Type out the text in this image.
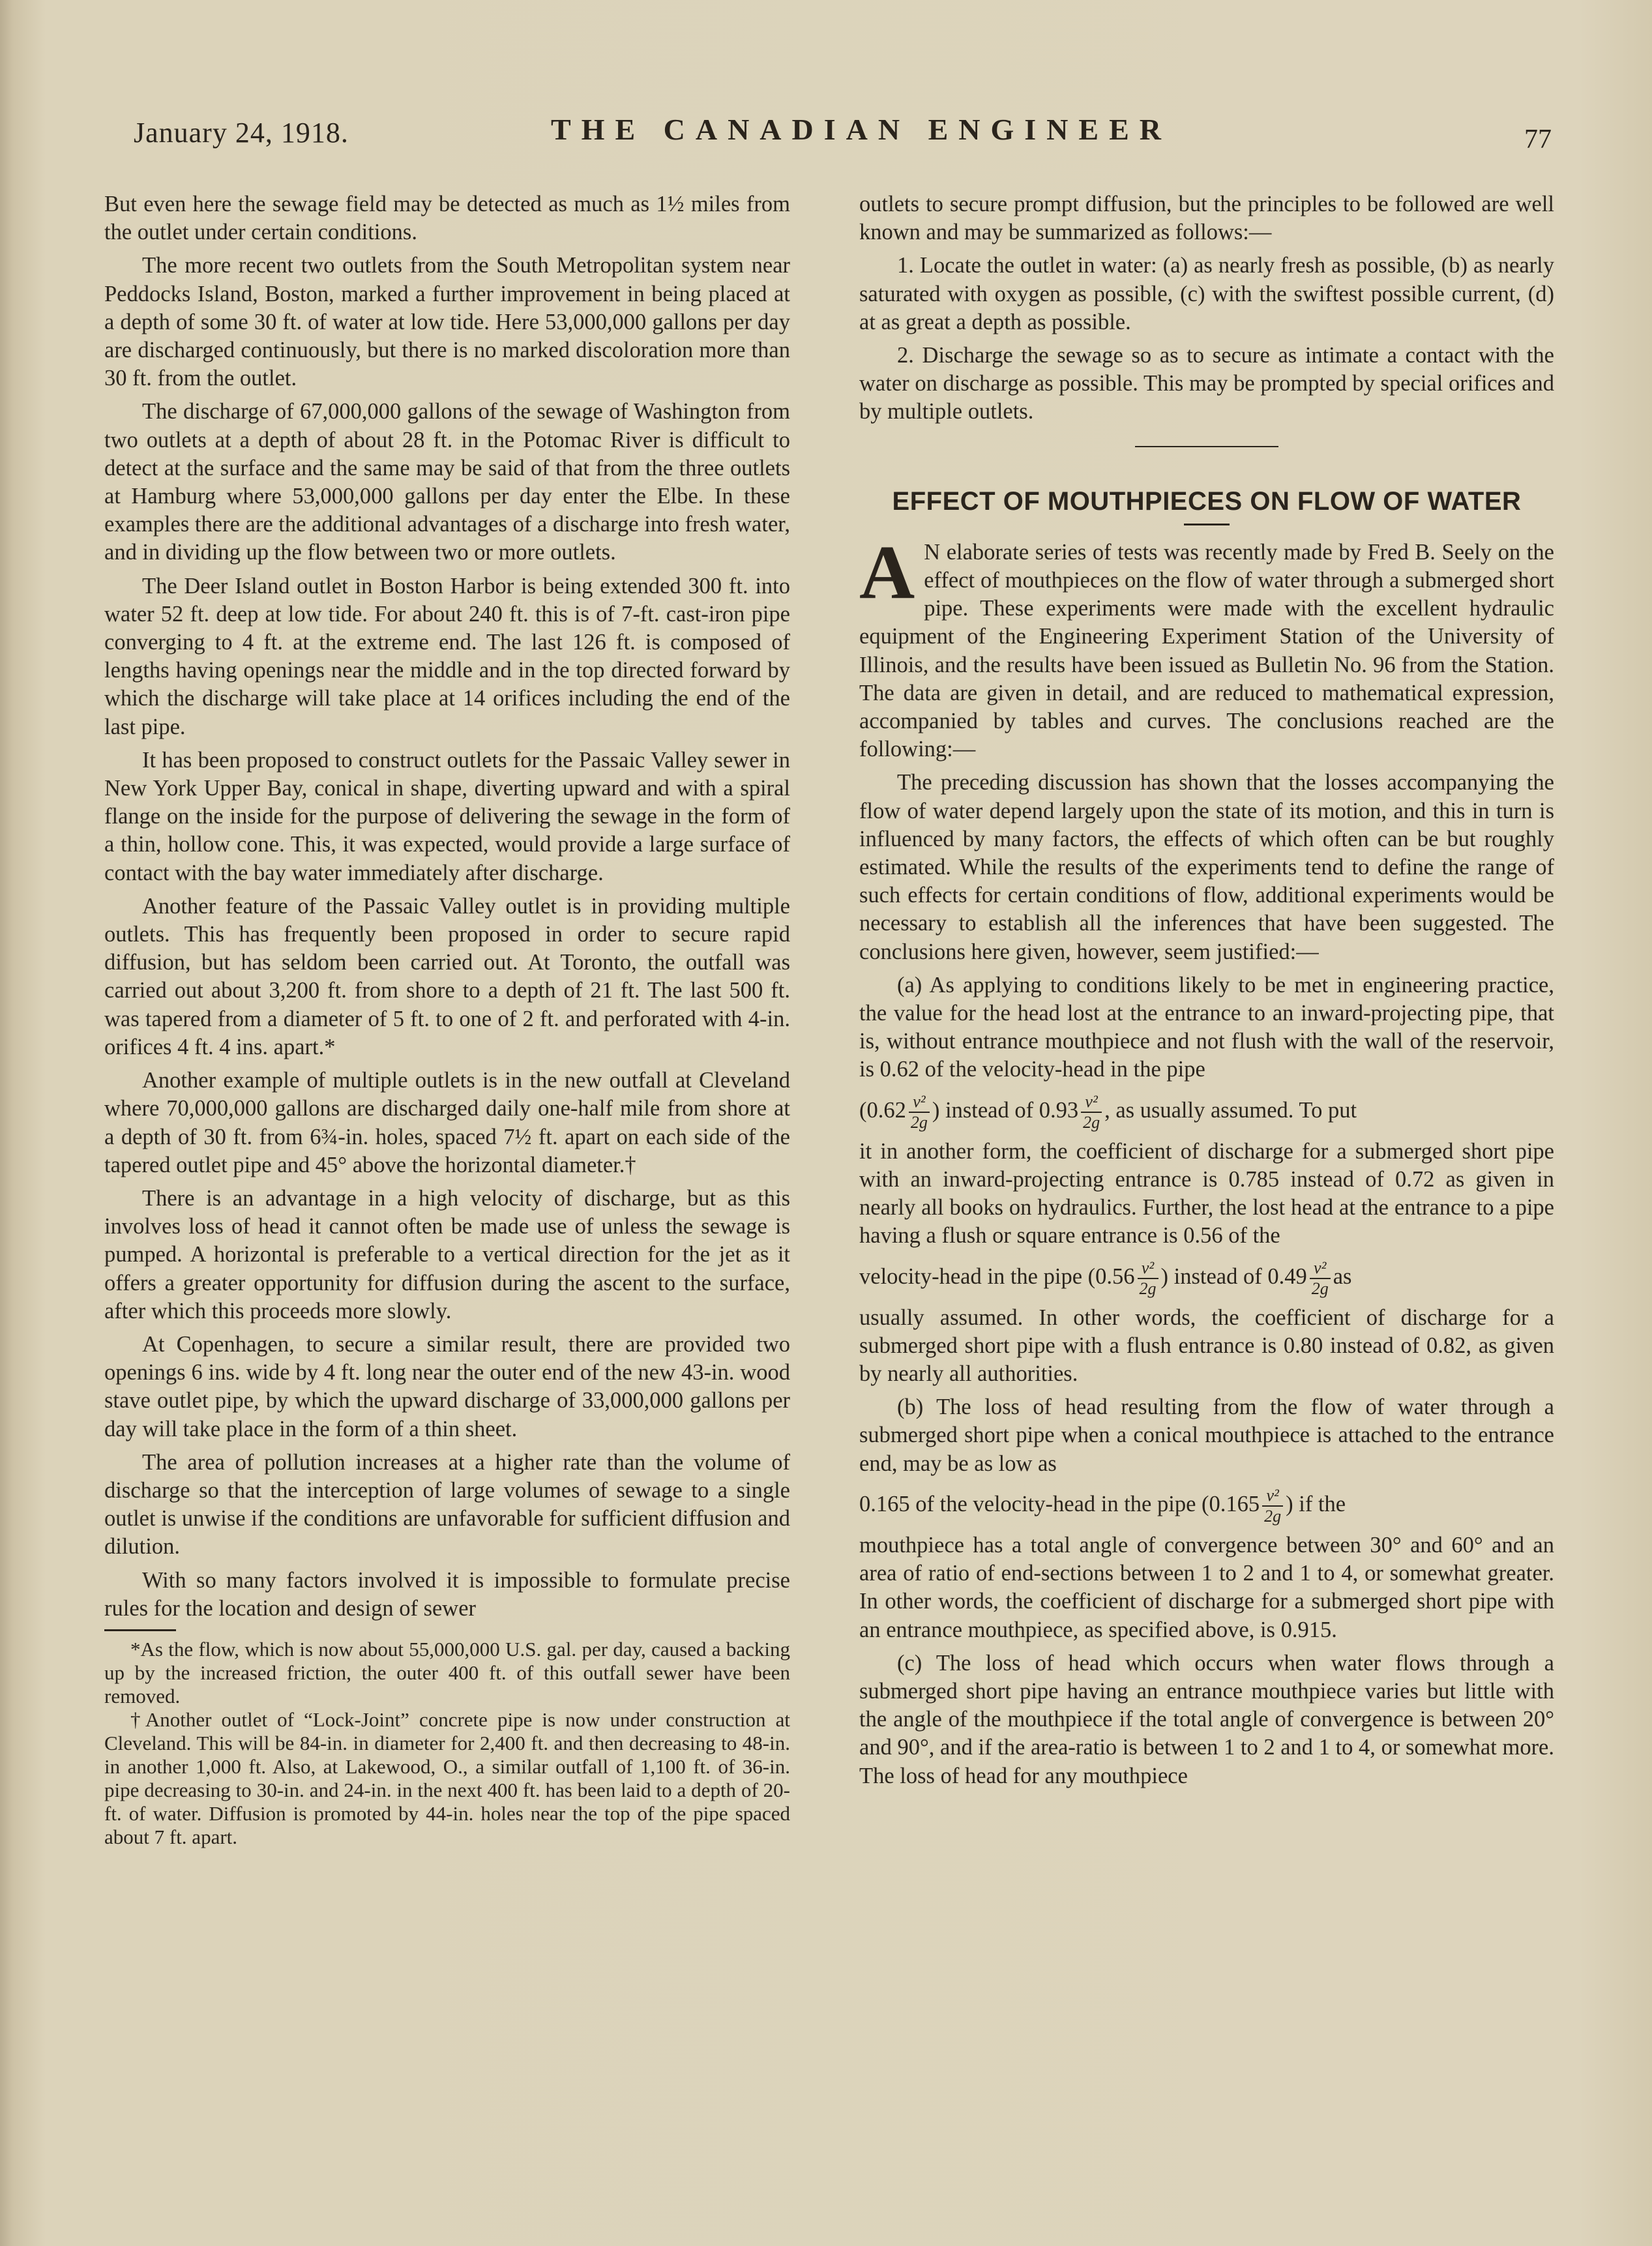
January 24, 1918.	THE CANADIAN ENGINEER	77

But even here the sewage field may be detected as much as 1½ miles from the outlet under certain conditions.

The more recent two outlets from the South Metropolitan system near Peddocks Island, Boston, marked a further improvement in being placed at a depth of some 30 ft. of water at low tide. Here 53,000,000 gallons per day are discharged continuously, but there is no marked discoloration more than 30 ft. from the outlet.

The discharge of 67,000,000 gallons of the sewage of Washington from two outlets at a depth of about 28 ft. in the Potomac River is difficult to detect at the surface and the same may be said of that from the three outlets at Hamburg where 53,000,000 gallons per day enter the Elbe. In these examples there are the additional advantages of a discharge into fresh water, and in dividing up the flow between two or more outlets.

The Deer Island outlet in Boston Harbor is being extended 300 ft. into water 52 ft. deep at low tide. For about 240 ft. this is of 7-ft. cast-iron pipe converging to 4 ft. at the extreme end. The last 126 ft. is composed of lengths having openings near the middle and in the top directed forward by which the discharge will take place at 14 orifices including the end of the last pipe.

It has been proposed to construct outlets for the Passaic Valley sewer in New York Upper Bay, conical in shape, diverting upward and with a spiral flange on the inside for the purpose of delivering the sewage in the form of a thin, hollow cone. This, it was expected, would provide a large surface of contact with the bay water immediately after discharge.

Another feature of the Passaic Valley outlet is in providing multiple outlets. This has frequently been proposed in order to secure rapid diffusion, but has seldom been carried out. At Toronto, the outfall was carried out about 3,200 ft. from shore to a depth of 21 ft. The last 500 ft. was tapered from a diameter of 5 ft. to one of 2 ft. and perforated with 4-in. orifices 4 ft. 4 ins. apart.*

Another example of multiple outlets is in the new outfall at Cleveland where 70,000,000 gallons are discharged daily one-half mile from shore at a depth of 30 ft. from 6¾-in. holes, spaced 7½ ft. apart on each side of the tapered outlet pipe and 45° above the horizontal diameter.†

There is an advantage in a high velocity of discharge, but as this involves loss of head it cannot often be made use of unless the sewage is pumped. A horizontal is preferable to a vertical direction for the jet as it offers a greater opportunity for diffusion during the ascent to the surface, after which this proceeds more slowly.

At Copenhagen, to secure a similar result, there are provided two openings 6 ins. wide by 4 ft. long near the outer end of the new 43-in. wood stave outlet pipe, by which the upward discharge of 33,000,000 gallons per day will take place in the form of a thin sheet.

The area of pollution increases at a higher rate than the volume of discharge so that the interception of large volumes of sewage to a single outlet is unwise if the conditions are unfavorable for sufficient diffusion and dilution.

With so many factors involved it is impossible to formulate precise rules for the location and design of sewer

*As the flow, which is now about 55,000,000 U.S. gal. per day, caused a backing up by the increased friction, the outer 400 ft. of this outfall sewer have been removed.

†Another outlet of “Lock-Joint” concrete pipe is now under construction at Cleveland. This will be 84-in. in diameter for 2,400 ft. and then decreasing to 48-in. in another 1,000 ft. Also, at Lakewood, O., a similar outfall of 1,100 ft. of 36-in. pipe decreasing to 30-in. and 24-in. in the next 400 ft. has been laid to a depth of 20-ft. of water. Diffusion is promoted by 44-in. holes near the top of the pipe spaced about 7 ft. apart.

outlets to secure prompt diffusion, but the principles to be followed are well known and may be summarized as follows:—

1. Locate the outlet in water: (a) as nearly fresh as possible, (b) as nearly saturated with oxygen as possible, (c) with the swiftest possible current, (d) at as great a depth as possible.

2. Discharge the sewage so as to secure as intimate a contact with the water on discharge as possible. This may be prompted by special orifices and by multiple outlets.

EFFECT OF MOUTHPIECES ON FLOW OF WATER

A N elaborate series of tests was recently made by Fred B. Seely on the effect of mouthpieces on the flow of water through a submerged short pipe. These experiments were made with the excellent hydraulic equipment of the Engineering Experiment Station of the University of Illinois, and the results have been issued as Bulletin No. 96 from the Station. The data are given in detail, and are reduced to mathematical expression, accompanied by tables and curves. The conclusions reached are the following:—

The preceding discussion has shown that the losses accompanying the flow of water depend largely upon the state of its motion, and this in turn is influenced by many factors, the effects of which often can be but roughly estimated. While the results of the experiments tend to define the range of such effects for certain conditions of flow, additional experiments would be necessary to establish all the inferences that have been suggested. The conclusions here given, however, seem justified:—

(a) As applying to conditions likely to be met in engineering practice, the value for the head lost at the entrance to an inward-projecting pipe, that is, without entrance mouthpiece and not flush with the wall of the reservoir, is 0.62 of the velocity-head in the pipe

($0.62 \frac{\text{v²}}{2g}$ ) instead of $0.93 \frac{\text{v²}}{2g}$ , as usually assumed. To put

it in another form, the coefficient of discharge for a submerged short pipe with an inward-projecting entrance is 0.785 instead of 0.72 as given in nearly all books on hydraulics. Further, the lost head at the entrance to a pipe having a flush or square entrance is 0.56 of the

velocity-head in the pipe ($0.56 \frac{\text{v²}}{2g}$ ) instead of $0.49 \frac{\text{v²}}{2g}$ as

usually assumed. In other words, the coefficient of discharge for a submerged short pipe with a flush entrance is 0.80 instead of 0.82, as given by nearly all authorities.

(b) The loss of head resulting from the flow of water through a submerged short pipe when a conical mouthpiece is attached to the entrance end, may be as low as

0.165 of the velocity-head in the pipe ($0.165 \frac{\text{v²}}{2g}$ ) if the

mouthpiece has a total angle of convergence between 30° and 60° and an area of ratio of end-sections between 1 to 2 and 1 to 4, or somewhat greater. In other words, the coefficient of discharge for a submerged short pipe with an entrance mouthpiece, as specified above, is 0.915.

(c) The loss of head which occurs when water flows through a submerged short pipe having an entrance mouthpiece varies but little with the angle of the mouthpiece if the total angle of convergence is between 20° and 90°, and if the area-ratio is between 1 to 2 and 1 to 4, or somewhat more. The loss of head for any mouthpiece
